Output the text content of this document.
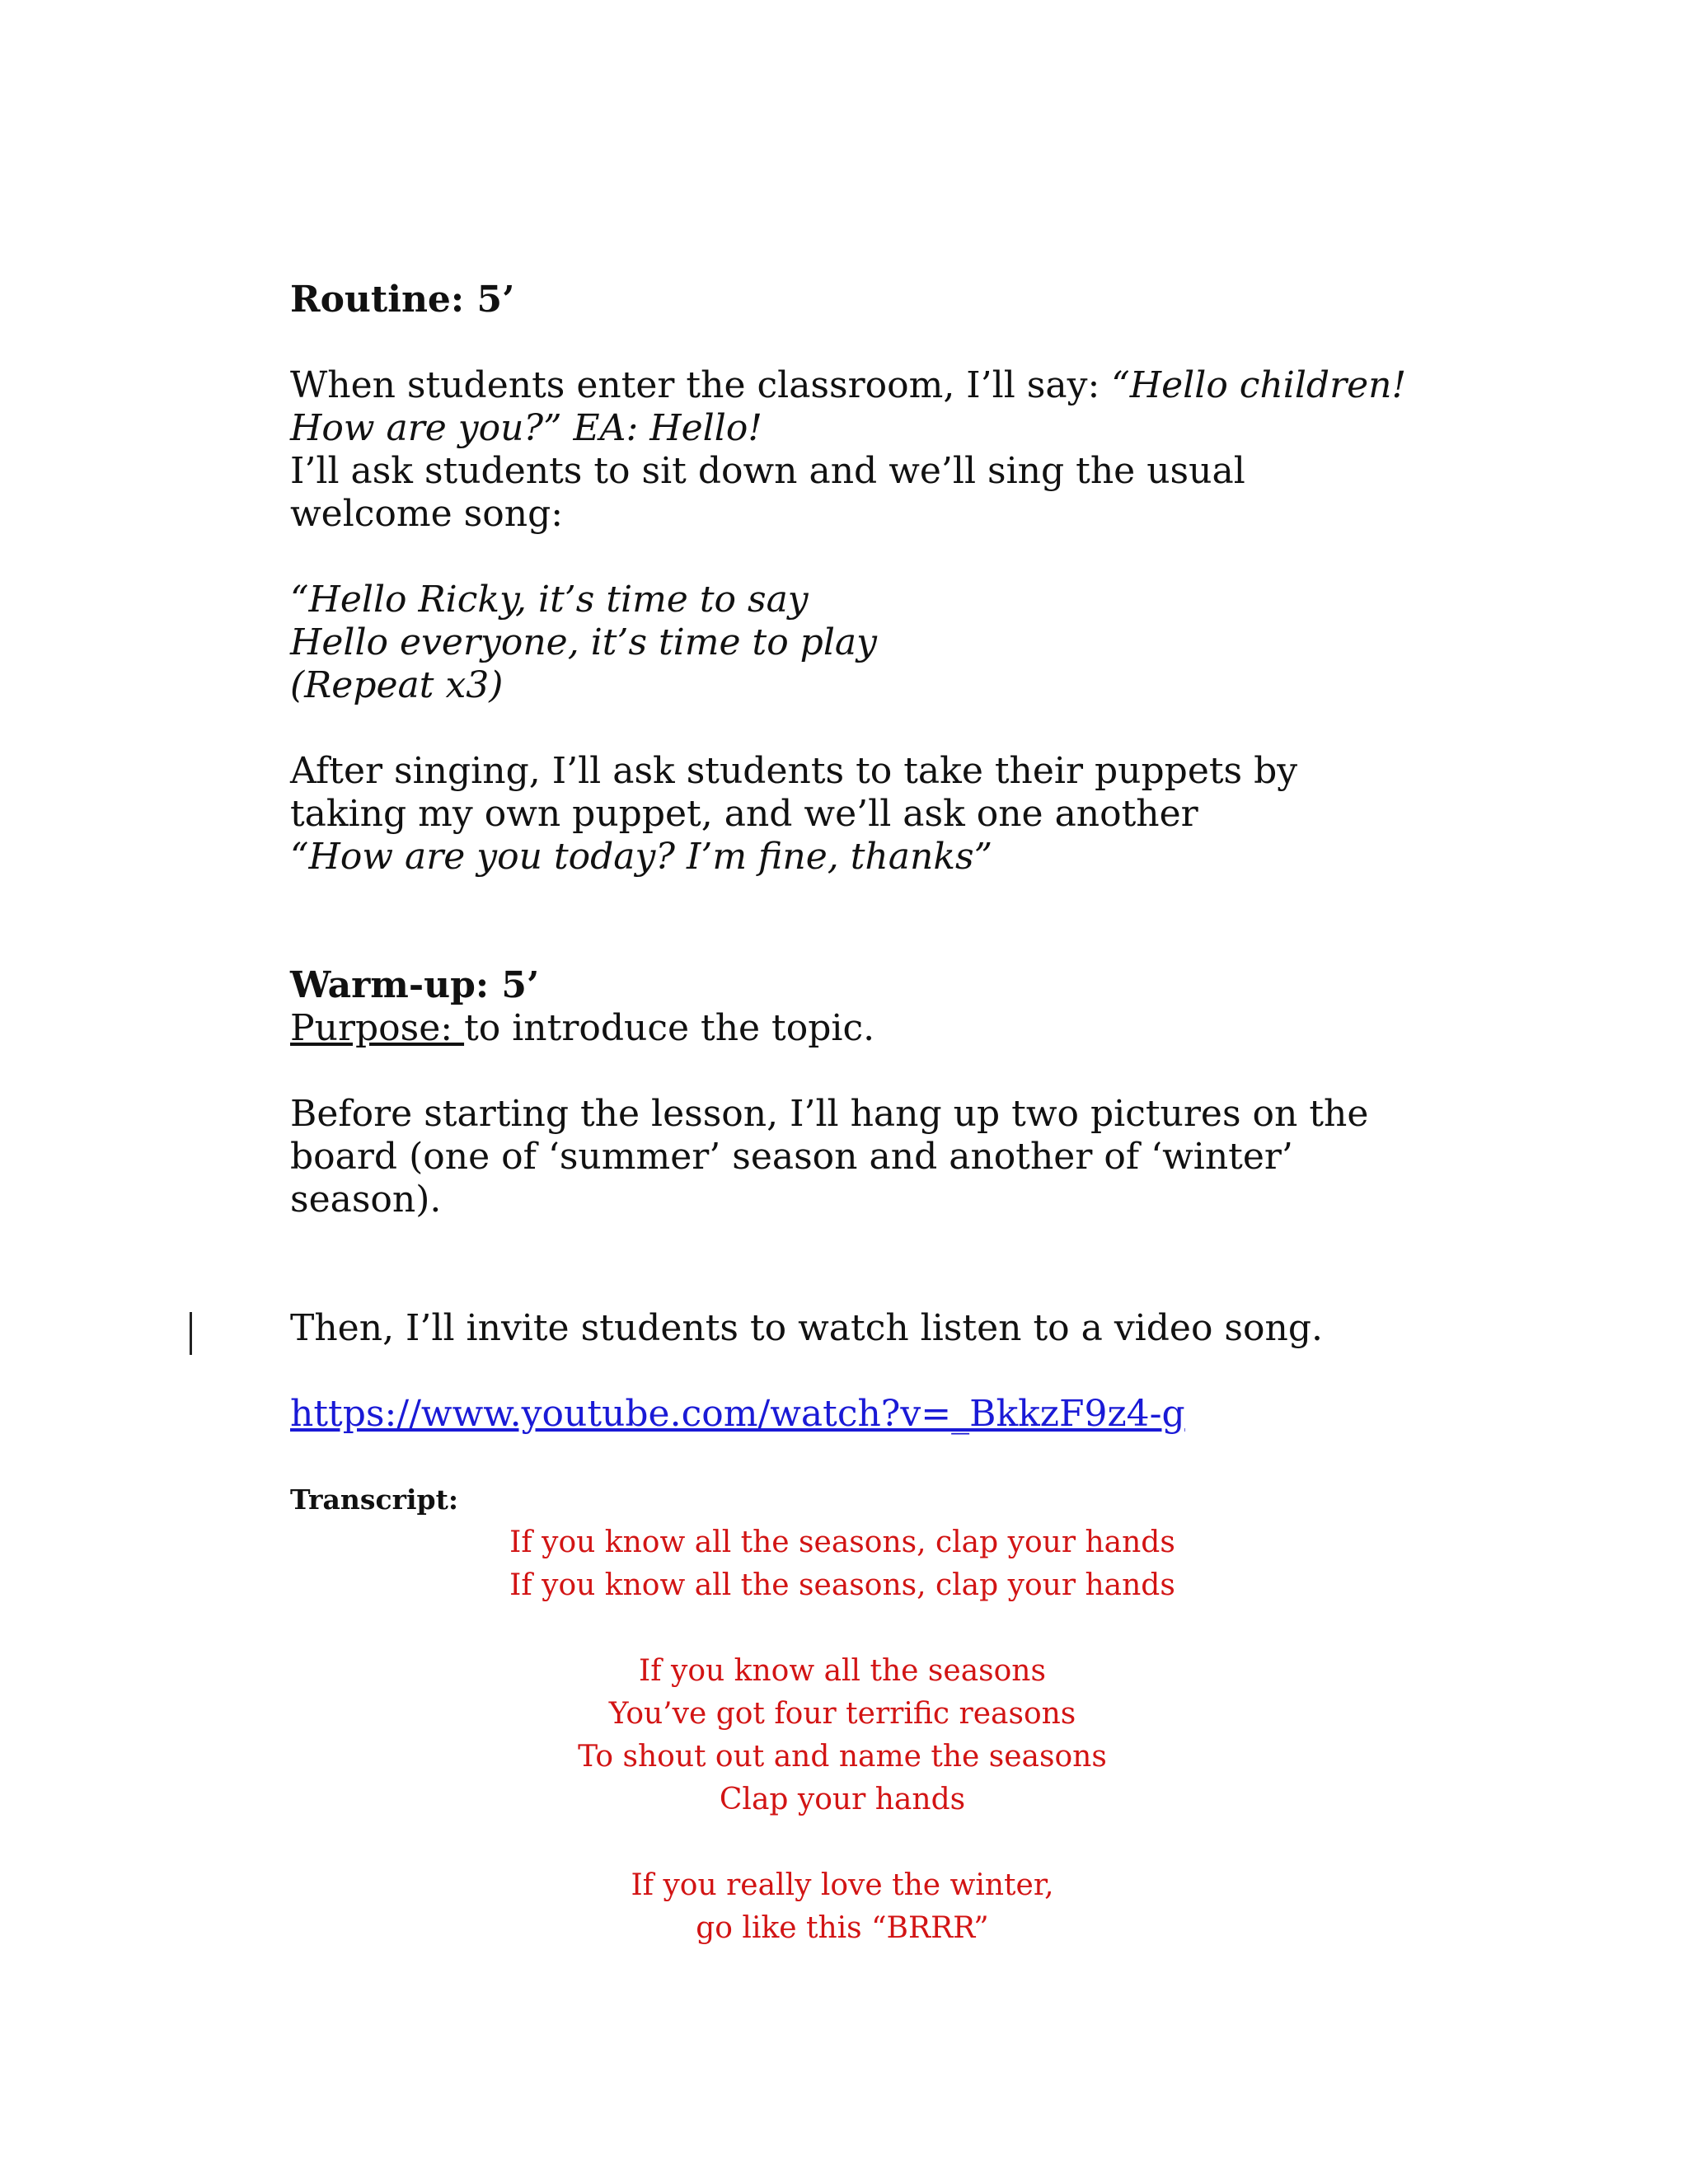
Routine: 5’

When students enter the classroom, I’ll say: “Hello children! How are you?” EA: Hello!

I’ll ask students to sit down and we’ll sing the usual welcome song:

“Hello Ricky, it’s time to say

Hello everyone, it’s time to play

(Repeat x3)

After singing, I’ll ask students to take their puppets by taking my own puppet, and we’ll ask one another

“How are you today? I’m fine, thanks”

Warm-up: 5’

Purpose: to introduce the topic.

Before starting the lesson, I’ll hang up two pictures on the board (one of ‘summer’ season and another of ‘winter’ season).

Then, I’ll invite students to watch listen to a video song.

https://www.youtube.com/watch?v=_BkkzF9z4-g

Transcript:

If you know all the seasons, clap your hands

If you know all the seasons, clap your hands

If you know all the seasons

You’ve got four terrific reasons

To shout out and name the seasons

Clap your hands

If you really love the winter,

go like this “BRRR”
